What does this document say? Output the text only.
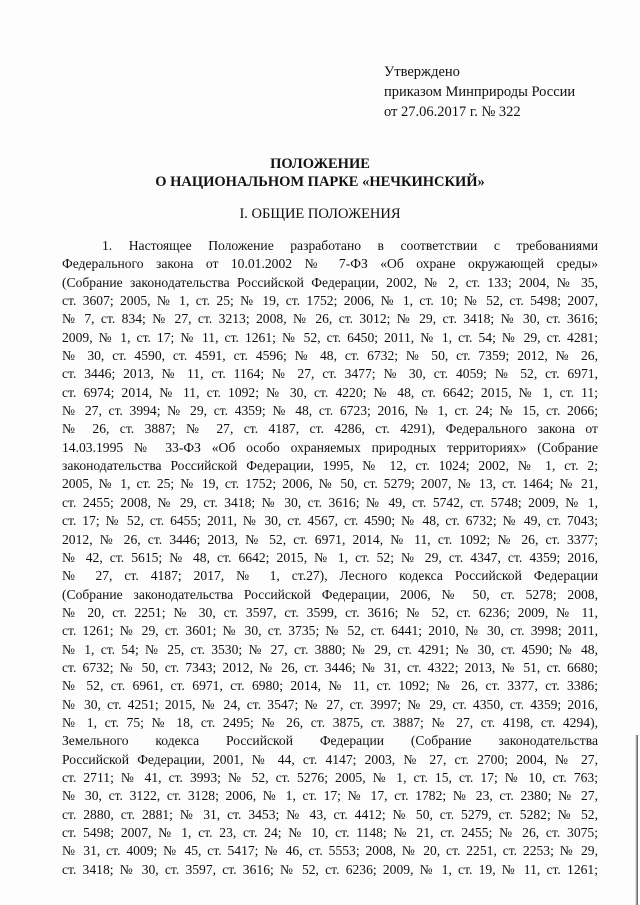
Утверждено
приказом Минприроды России
от 27.06.2017 г. № 322
ПОЛОЖЕНИЕ
О НАЦИОНАЛЬНОМ ПАРКЕ «НЕЧКИНСКИЙ»
I. ОБЩИЕ ПОЛОЖЕНИЯ
1. Настоящее Положение разработано в соответствии с требованиями
Федерального закона от 10.01.2002 № 7-ФЗ «Об охране окружающей среды»
(Собрание законодательства Российской Федерации, 2002, № 2, ст. 133; 2004, № 35,
ст. 3607; 2005, № 1, ст. 25; № 19, ст. 1752; 2006, № 1, ст. 10; № 52, ст. 5498; 2007,
№ 7, ст. 834; № 27, ст. 3213; 2008, № 26, ст. 3012; № 29, ст. 3418; № 30, ст. 3616;
2009, № 1, ст. 17; № 11, ст. 1261; № 52, ст. 6450; 2011, № 1, ст. 54; № 29, ст. 4281;
№ 30, ст. 4590, ст. 4591, ст. 4596; № 48, ст. 6732; № 50, ст. 7359; 2012, № 26,
ст. 3446; 2013, № 11, ст. 1164; № 27, ст. 3477; № 30, ст. 4059; № 52, ст. 6971,
ст. 6974; 2014, № 11, ст. 1092; № 30, ст. 4220; № 48, ст. 6642; 2015, № 1, ст. 11;
№ 27, ст. 3994; № 29, ст. 4359; № 48, ст. 6723; 2016, № 1, ст. 24; № 15, ст. 2066;
№ 26, ст. 3887; № 27, ст. 4187, ст. 4286, ст. 4291), Федерального закона от
14.03.1995 № 33-ФЗ «Об особо охраняемых природных территориях» (Собрание
законодательства Российской Федерации, 1995, № 12, ст. 1024; 2002, № 1, ст. 2;
2005, № 1, ст. 25; № 19, ст. 1752; 2006, № 50, ст. 5279; 2007, № 13, ст. 1464; № 21,
ст. 2455; 2008, № 29, ст. 3418; № 30, ст. 3616; № 49, ст. 5742, ст. 5748; 2009, № 1,
ст. 17; № 52, ст. 6455; 2011, № 30, ст. 4567, ст. 4590; № 48, ст. 6732; № 49, ст. 7043;
2012, № 26, ст. 3446; 2013, № 52, ст. 6971, 2014, № 11, ст. 1092; № 26, ст. 3377;
№ 42, ст. 5615; № 48, ст. 6642; 2015, № 1, ст. 52; № 29, ст. 4347, ст. 4359; 2016,
№ 27, ст. 4187; 2017, № 1, ст.27), Лесного кодекса Российской Федерации
(Собрание законодательства Российской Федерации, 2006, № 50, ст. 5278; 2008,
№ 20, ст. 2251; № 30, ст. 3597, ст. 3599, ст. 3616; № 52, ст. 6236; 2009, № 11,
ст. 1261; № 29, ст. 3601; № 30, ст. 3735; № 52, ст. 6441; 2010, № 30, ст. 3998; 2011,
№ 1, ст. 54; № 25, ст. 3530; № 27, ст. 3880; № 29, ст. 4291; № 30, ст. 4590; № 48,
ст. 6732; № 50, ст. 7343; 2012, № 26, ст. 3446; № 31, ст. 4322; 2013, № 51, ст. 6680;
№ 52, ст. 6961, ст. 6971, ст. 6980; 2014, № 11, ст. 1092; № 26, ст. 3377, ст. 3386;
№ 30, ст. 4251; 2015, № 24, ст. 3547; № 27, ст. 3997; № 29, ст. 4350, ст. 4359; 2016,
№ 1, ст. 75; № 18, ст. 2495; № 26, ст. 3875, ст. 3887; № 27, ст. 4198, ст. 4294),
Земельного кодекса Российской Федерации (Собрание законодательства
Российской Федерации, 2001, № 44, ст. 4147; 2003, № 27, ст. 2700; 2004, № 27,
ст. 2711; № 41, ст. 3993; № 52, ст. 5276; 2005, № 1, ст. 15, ст. 17; № 10, ст. 763;
№ 30, ст. 3122, ст. 3128; 2006, № 1, ст. 17; № 17, ст. 1782; № 23, ст. 2380; № 27,
ст. 2880, ст. 2881; № 31, ст. 3453; № 43, ст. 4412; № 50, ст. 5279, ст. 5282; № 52,
ст. 5498; 2007, № 1, ст. 23, ст. 24; № 10, ст. 1148; № 21, ст. 2455; № 26, ст. 3075;
№ 31, ст. 4009; № 45, ст. 5417; № 46, ст. 5553; 2008, № 20, ст. 2251, ст. 2253; № 29,
ст. 3418; № 30, ст. 3597, ст. 3616; № 52, ст. 6236; 2009, № 1, ст. 19, № 11, ст. 1261;
